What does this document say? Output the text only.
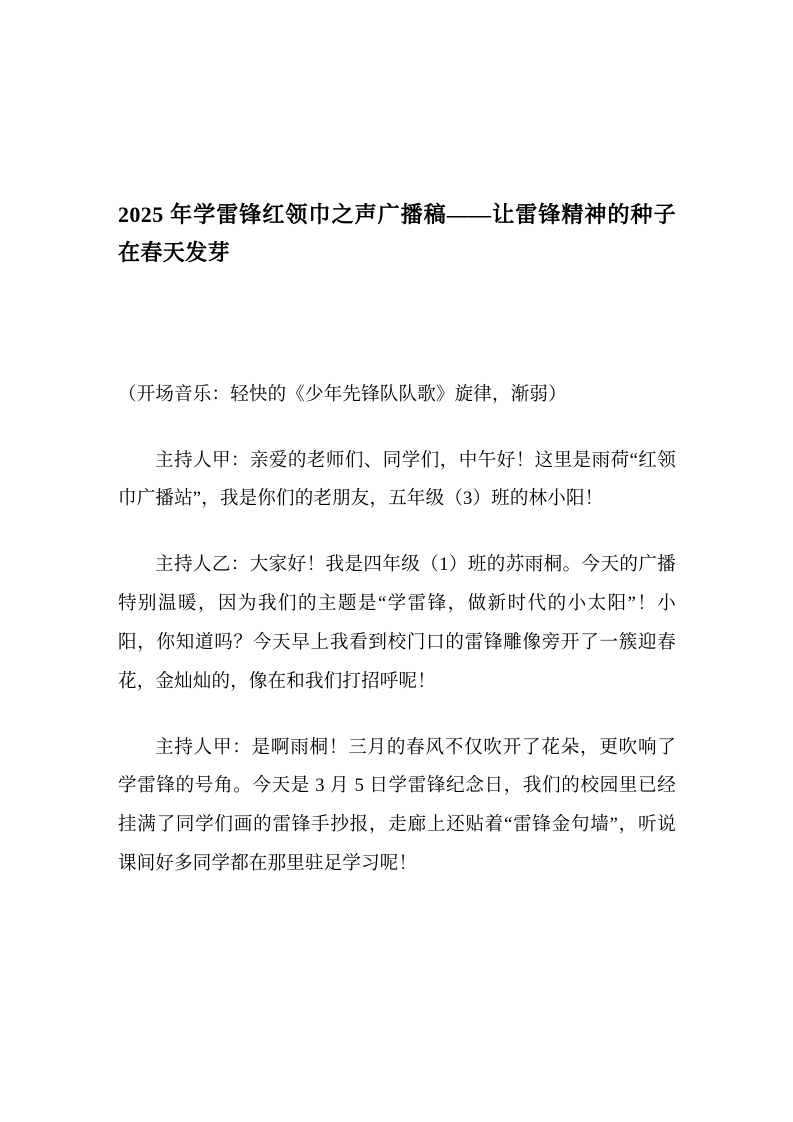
2025 年学雷锋红领巾之声广播稿——让雷锋精神的种子在春天发芽

（开场音乐：轻快的《少年先锋队队歌》旋律，渐弱）

主持人甲：亲爱的老师们、同学们，中午好！这里是雨荷“红领巾广播站”，我是你们的老朋友，五年级（3）班的林小阳！

主持人乙：大家好！我是四年级（1）班的苏雨桐。今天的广播特别温暖，因为我们的主题是“学雷锋，做新时代的小太阳”！小阳，你知道吗？今天早上我看到校门口的雷锋雕像旁开了一簇迎春花，金灿灿的，像在和我们打招呼呢！

主持人甲：是啊雨桐！三月的春风不仅吹开了花朵，更吹响了学雷锋的号角。今天是 3 月 5 日学雷锋纪念日，我们的校园里已经挂满了同学们画的雷锋手抄报，走廊上还贴着“雷锋金句墙”，听说课间好多同学都在那里驻足学习呢！
